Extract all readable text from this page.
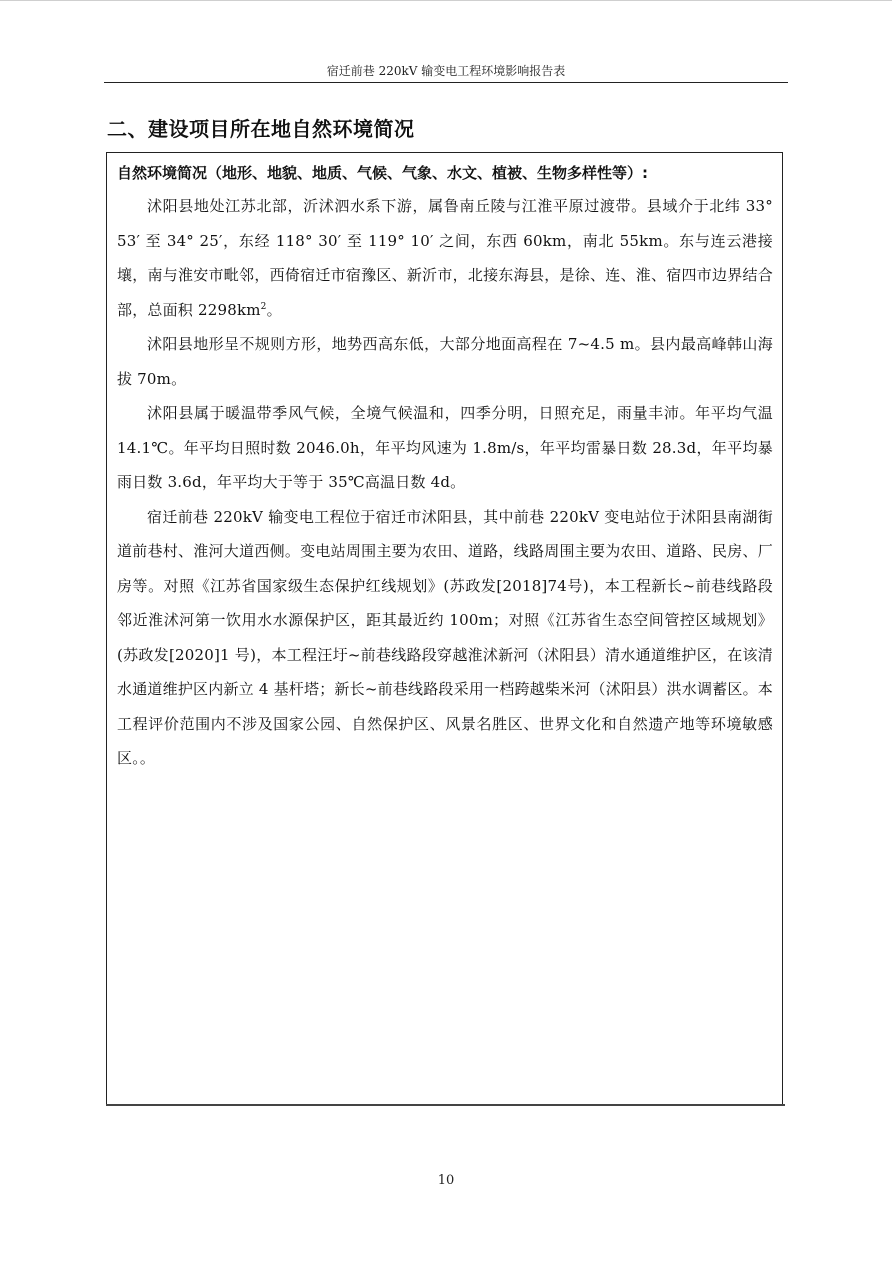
宿迁前巷 220kV 输变电工程环境影响报告表
二、建设项目所在地自然环境简况
自然环境简况（地形、地貌、地质、气候、气象、水文、植被、生物多样性等）:

沭阳县地处江苏北部，沂沭泗水系下游，属鲁南丘陵与江淮平原过渡带。县域介于北纬 33° 53′ 至 34° 25′，东经 118° 30′ 至 119° 10′ 之间，东西 60km，南北 55km。东与连云港接壤，南与淮安市毗邻，西倚宿迁市宿豫区、新沂市，北接东海县，是徐、连、淮、宿四市边界结合部，总面积 $2298km^2$。

沭阳县地形呈不规则方形，地势西高东低，大部分地面高程在 7~4.5 m。县内最高峰韩山海拔 70m。

沭阳县属于暖温带季风气候，全境气候温和，四季分明，日照充足，雨量丰沛。年平均气温 14.1℃。年平均日照时数 2046.0h，年平均风速为 1.8m/s，年平均雷暴日数 28.3d，年平均暴雨日数 3.6d，年平均大于等于 35℃高温日数 4d。

宿迁前巷 220kV 输变电工程位于宿迁市沭阳县，其中前巷 220kV 变电站位于沭阳县南湖街道前巷村、淮河大道西侧。变电站周围主要为农田、道路，线路周围主要为农田、道路、民房、厂房等。对照《江苏省国家级生态保护红线规划》(苏政发[2018]74号)，本工程新长~前巷线路段邻近淮沭河第一饮用水水源保护区，距其最近约 100m；对照《江苏省生态空间管控区域规划》(苏政发[2020]1 号)，本工程汪圩~前巷线路段穿越淮沭新河（沭阳县）清水通道维护区，在该清水通道维护区内新立 4 基杆塔；新长~前巷线路段采用一档跨越柴米河（沭阳县）洪水调蓄区。本工程评价范围内不涉及国家公园、自然保护区、风景名胜区、世界文化和自然遗产地等环境敏感区。。

10
